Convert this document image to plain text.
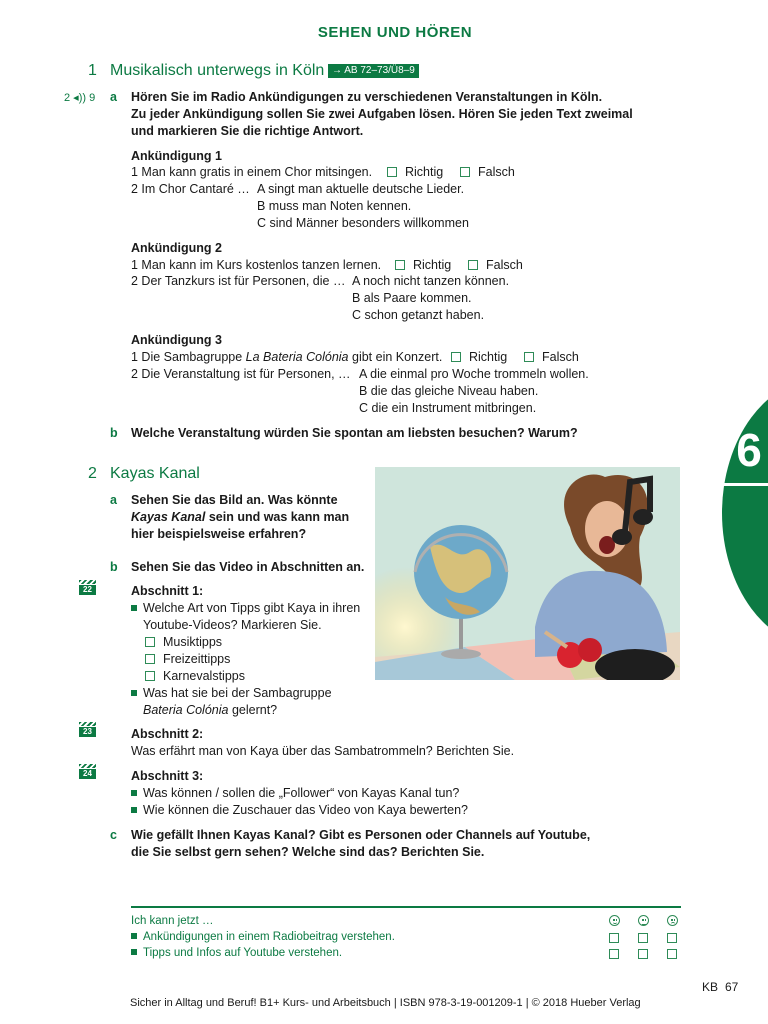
SEHEN UND HÖREN
1 Musikalisch unterwegs in Köln → AB 72–73/Ü8–9
2 ◂)) 9 a Hören Sie im Radio Ankündigungen zu verschiedenen Veranstaltungen in Köln.
Zu jeder Ankündigung sollen Sie zwei Aufgaben lösen. Hören Sie jeden Text zweimal
und markieren Sie die richtige Antwort.
Ankündigung 1
1 Man kann gratis in einem Chor mitsingen.	Richtig	Falsch
2 Im Chor Cantaré … A singt man aktuelle deutsche Lieder.
B muss man Noten kennen.
C sind Männer besonders willkommen
Ankündigung 2
1 Man kann im Kurs kostenlos tanzen lernen.	Richtig	Falsch
2 Der Tanzkurs ist für Personen, die … A noch nicht tanzen können.
B als Paare kommen.
C schon getanzt haben.
Ankündigung 3
1 Die Sambagruppe La Bateria Colónia gibt ein Konzert.	Richtig	Falsch
2 Die Veranstaltung ist für Personen, … A die einmal pro Woche trommeln wollen.
B die das gleiche Niveau haben.
C die ein Instrument mitbringen.
b Welche Veranstaltung würden Sie spontan am liebsten besuchen? Warum?	6
2 Kayas Kanal
a Sehen Sie das Bild an. Was könnte
Kayas Kanal sein und was kann man
hier beispielsweise erfahren?
b Sehen Sie das Video in Abschnitten an.
22	Abschnitt 1:
Welche Art von Tipps gibt Kaya in ihren
Youtube-Videos? Markieren Sie.
Musiktipps
Freizeittipps
Karnevalstipps
Was hat sie bei der Sambagruppe
Bateria Colónia gelernt?
23	Abschnitt 2:
Was erfährt man von Kaya über das Sambatrommeln? Berichten Sie.
24	Abschnitt 3:
Was können / sollen die „Follower“ von Kayas Kanal tun?
Wie können die Zuschauer das Video von Kaya bewerten?
c Wie gefällt Ihnen Kayas Kanal? Gibt es Personen oder Channels auf Youtube,
die Sie selbst gern sehen? Welche sind das? Berichten Sie.
Ich kann jetzt …
Ankündigungen in einem Radiobeitrag verstehen.
Tipps und Infos auf Youtube verstehen.
KB 67
Sicher in Alltag und Beruf! B1+ Kurs- und Arbeitsbuch | ISBN 978-3-19-001209-1 | © 2018 Hueber Verlag
